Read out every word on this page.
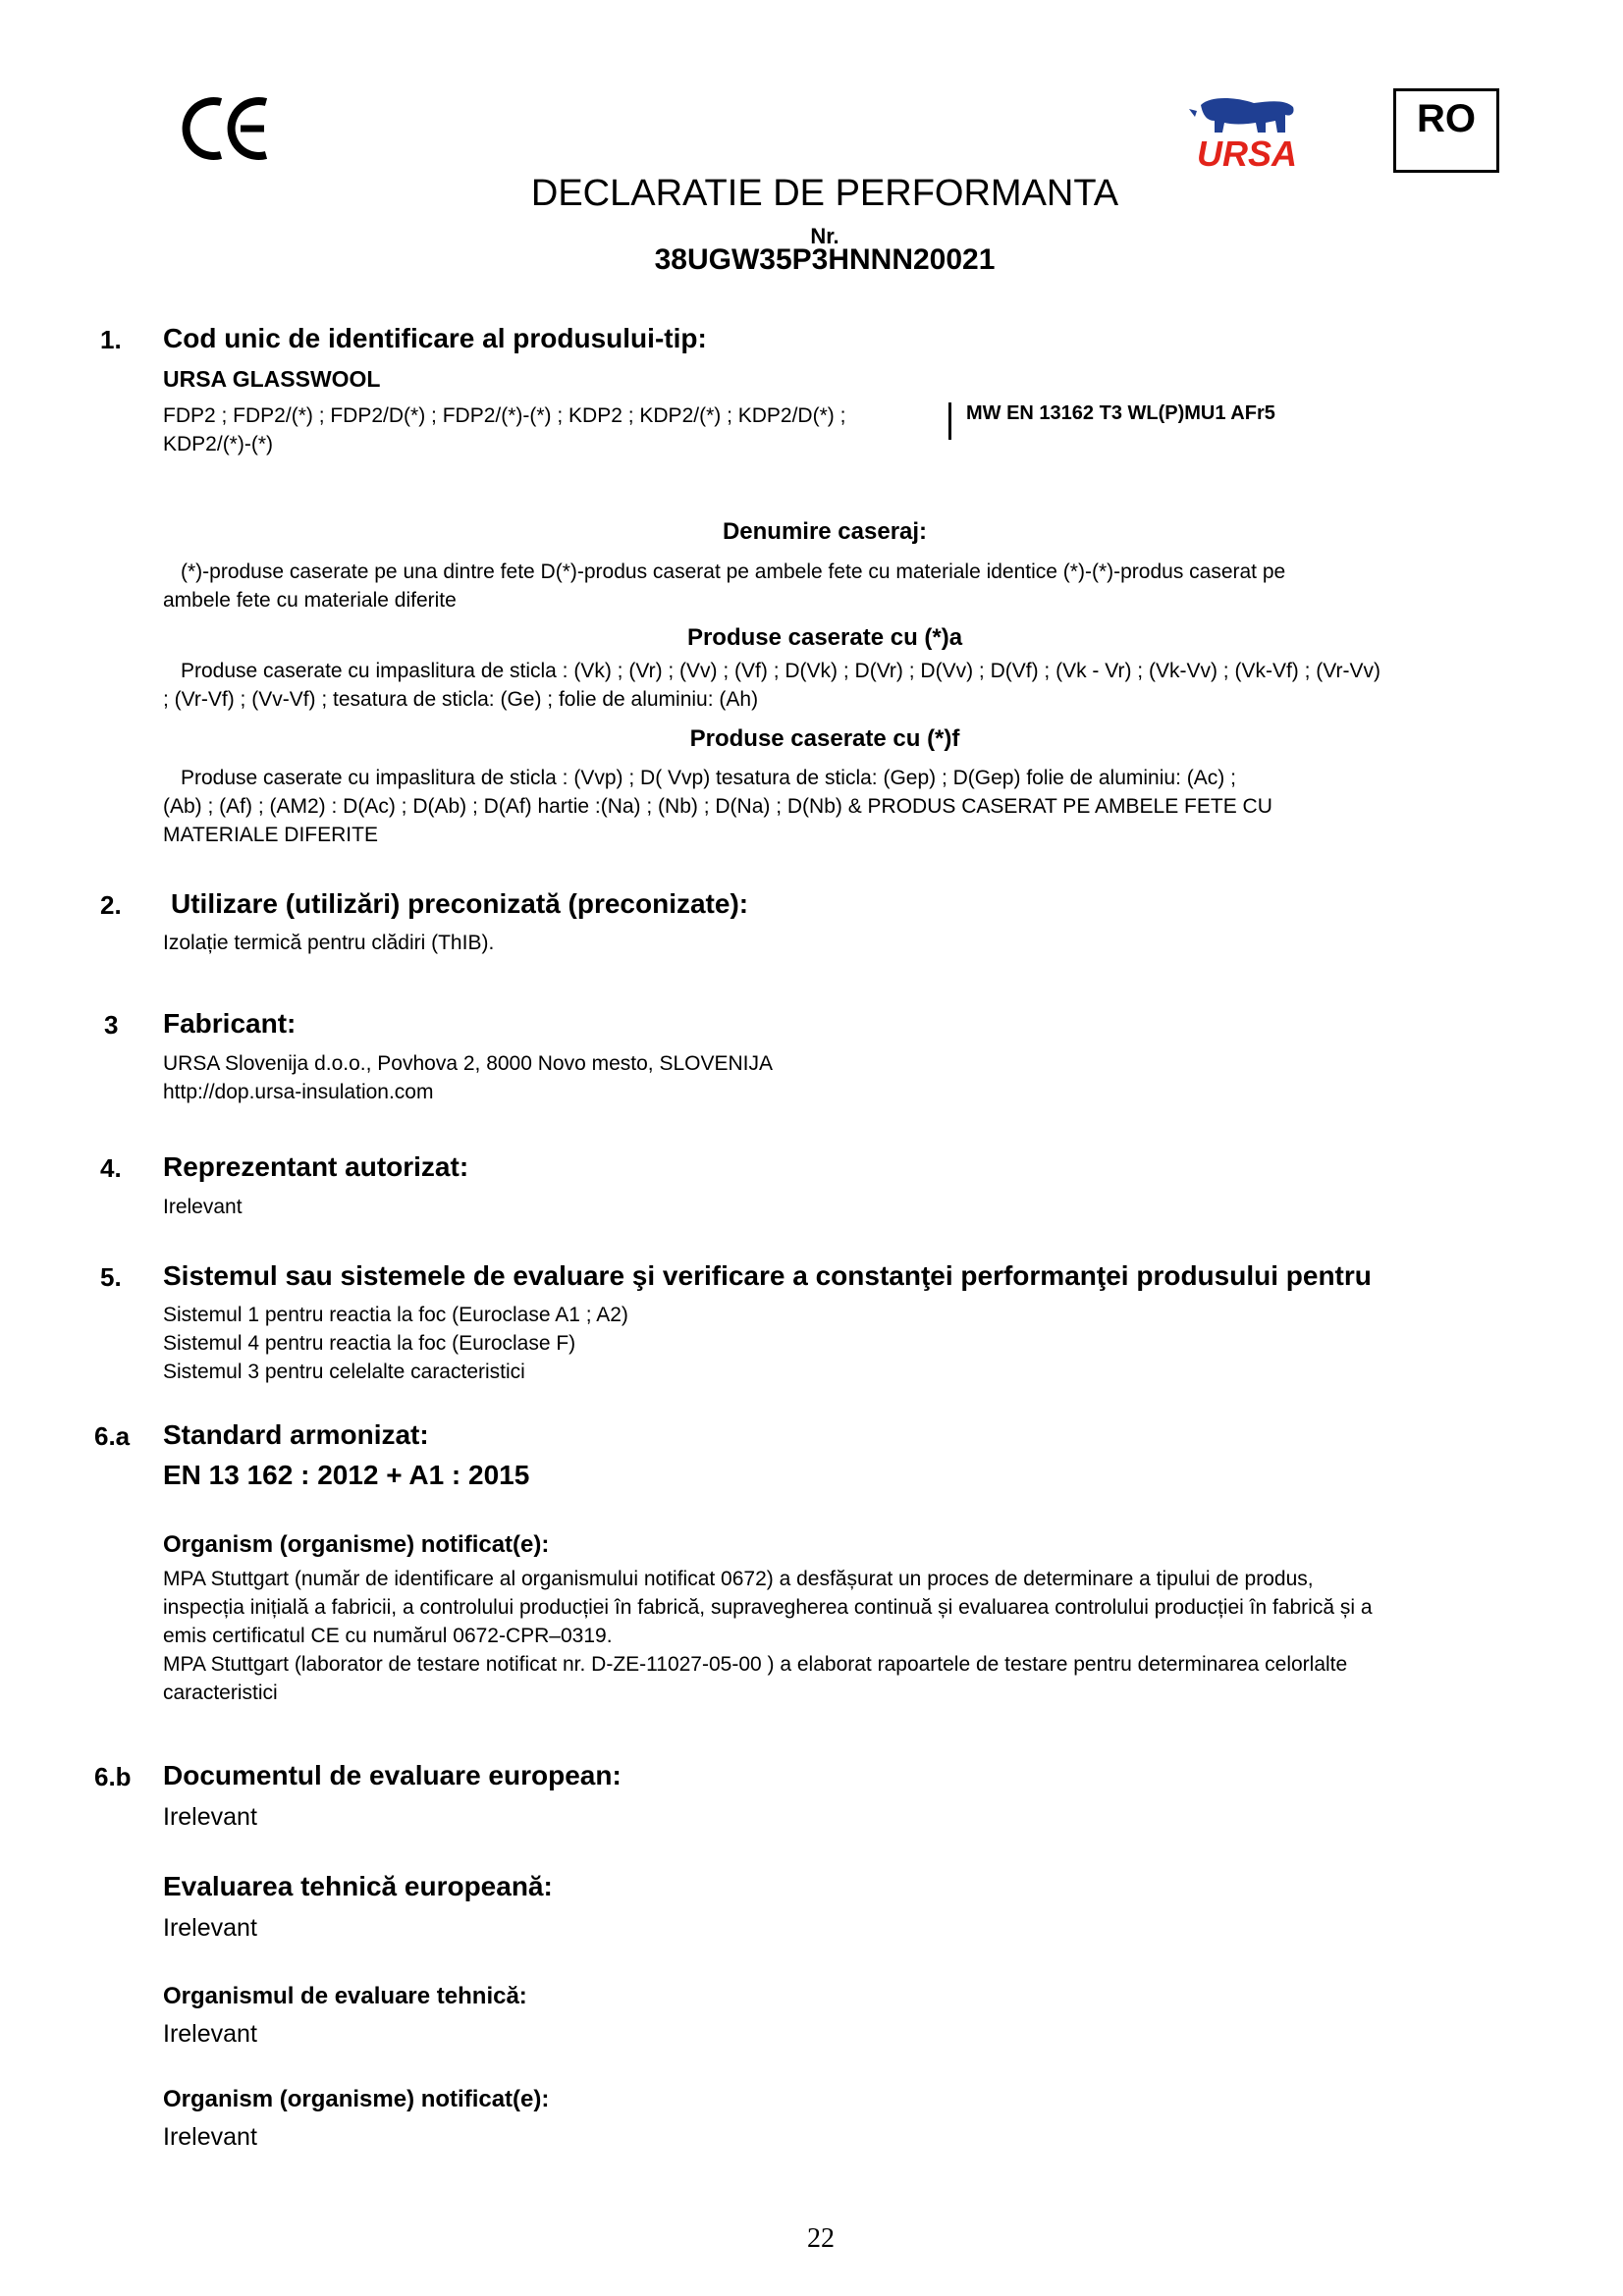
URSA
RO
DECLARATIE DE PERFORMANTA
Nr.
38UGW35P3HNNN20021
1. Cod unic de identificare al produsului-tip:
URSA GLASSWOOL
FDP2 ; FDP2/(*) ; FDP2/D(*) ; FDP2/(*)-(*) ; KDP2 ; KDP2/(*) ; KDP2/D(*) ;
KDP2/(*)-(*)
MW EN 13162 T3 WL(P)MU1 AFr5
Denumire caseraj:
(*)-produse caserate pe una dintre fete D(*)-produs caserat pe ambele fete cu materiale identice (*)-(*)-produs caserat pe
ambele fete cu materiale diferite
Produse caserate cu (*)a
Produse caserate cu impaslitura de sticla : (Vk) ; (Vr) ; (Vv) ; (Vf) ; D(Vk) ; D(Vr) ; D(Vv) ; D(Vf) ; (Vk - Vr) ; (Vk-Vv) ; (Vk-Vf) ; (Vr-Vv)
; (Vr-Vf) ; (Vv-Vf) ; tesatura de sticla: (Ge) ; folie de aluminiu: (Ah)
Produse caserate cu (*)f
Produse caserate cu impaslitura de sticla : (Vvp) ; D( Vvp) tesatura de sticla: (Gep) ; D(Gep) folie de aluminiu: (Ac) ;
(Ab) ; (Af) ; (AM2) : D(Ac) ; D(Ab) ; D(Af) hartie :(Na) ; (Nb) ; D(Na) ; D(Nb) & PRODUS CASERAT PE AMBELE FETE CU
MATERIALE DIFERITE
2. Utilizare (utilizări) preconizată (preconizate):
Izolație termică pentru clădiri (ThIB).
3 Fabricant:
URSA Slovenija d.o.o., Povhova 2, 8000 Novo mesto, SLOVENIJA
http://dop.ursa-insulation.com
4. Reprezentant autorizat:
Irelevant
5. Sistemul sau sistemele de evaluare şi verificare a constanţei performanţei produsului pentru
Sistemul 1 pentru reactia la foc (Euroclase A1 ; A2)
Sistemul 4 pentru reactia la foc (Euroclase F)
Sistemul 3 pentru celelalte caracteristici
6.a Standard armonizat:
EN 13 162 : 2012 + A1 : 2015
Organism (organisme) notificat(e):
MPA Stuttgart (număr de identificare al organismului notificat 0672) a desfășurat un proces de determinare a tipului de produs,
inspecția inițială a fabricii, a controlului producției în fabrică, supravegherea continuă și evaluarea controlului producției în fabrică și a
emis certificatul CE cu numărul 0672-CPR–0319.
MPA Stuttgart (laborator de testare notificat nr. D-ZE-11027-05-00 ) a elaborat rapoartele de testare pentru determinarea celorlalte
caracteristici
6.b Documentul de evaluare european:
Irelevant
Evaluarea tehnică europeană:
Irelevant
Organismul de evaluare tehnică:
Irelevant
Organism (organisme) notificat(e):
Irelevant
22
